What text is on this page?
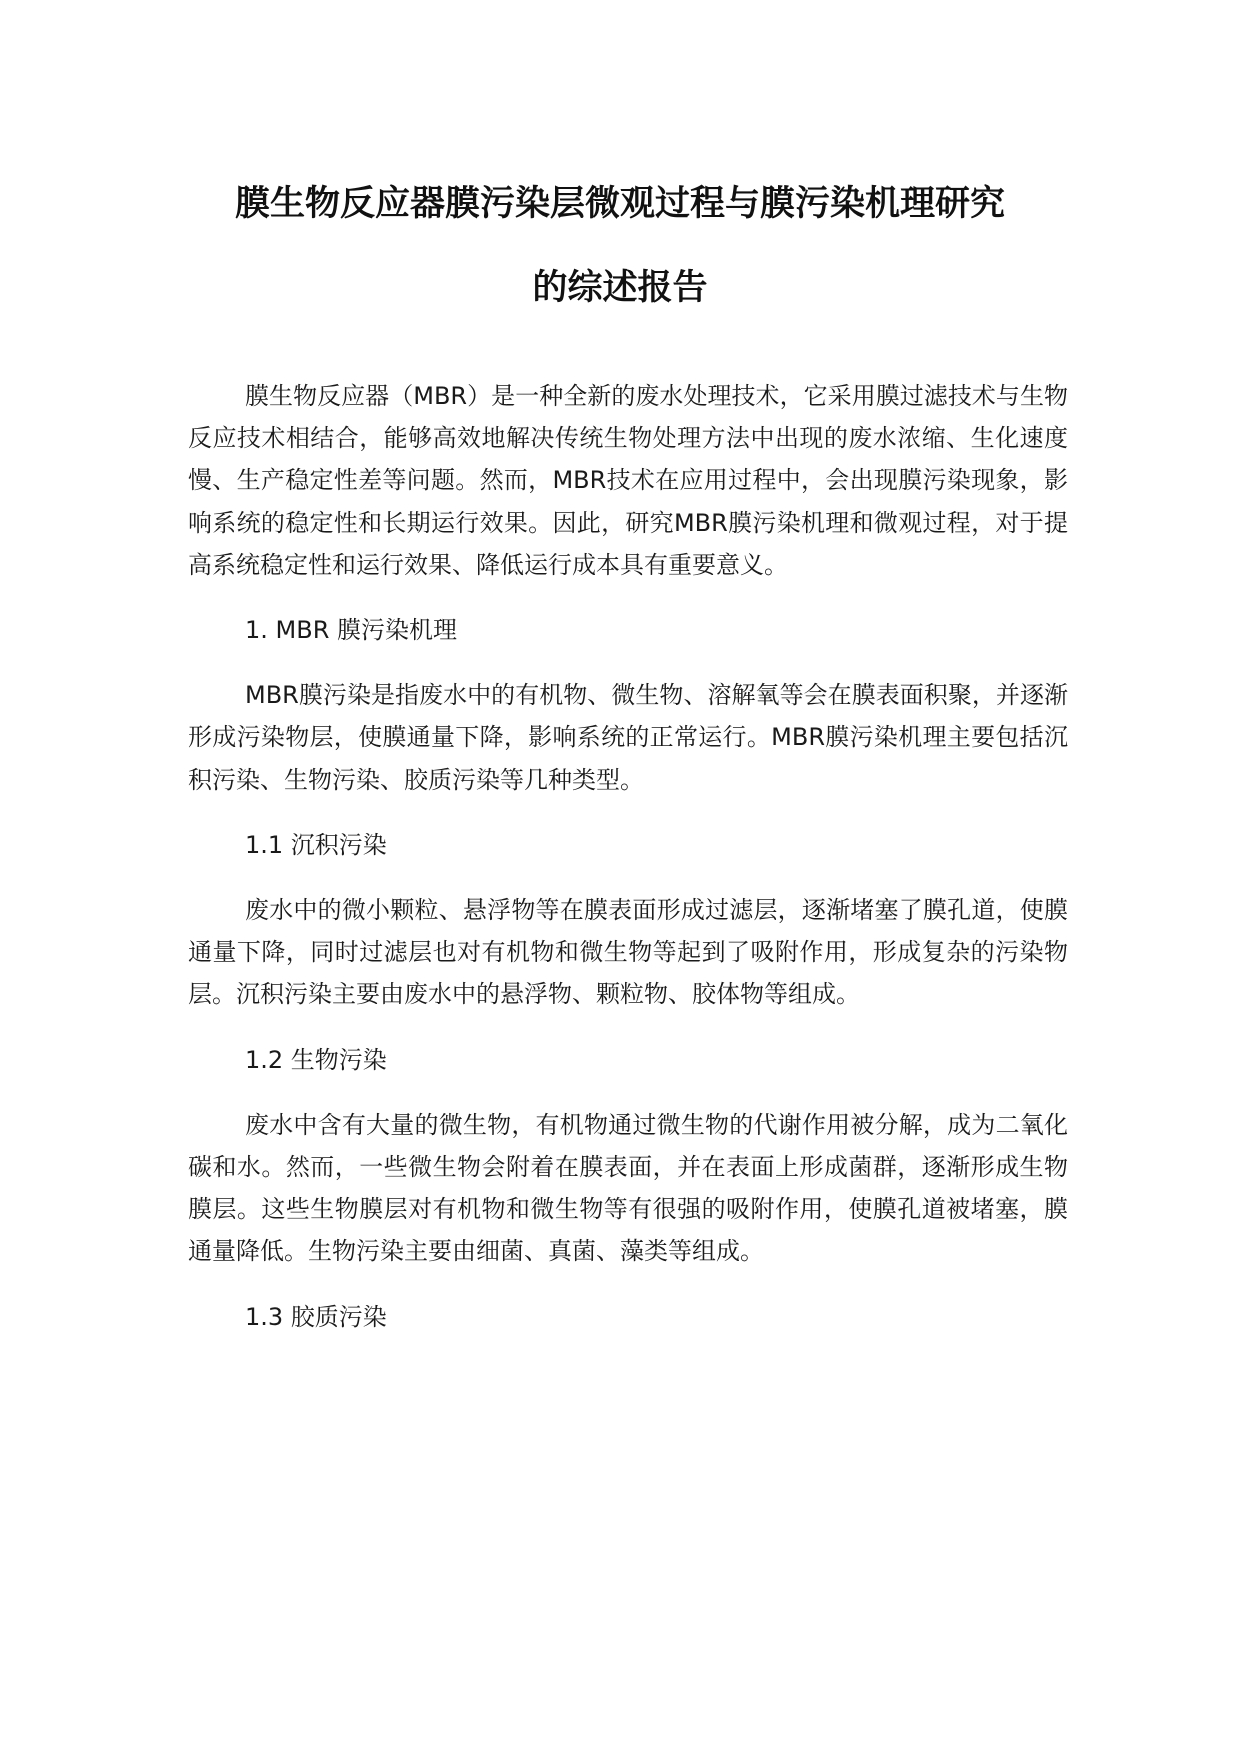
膜生物反应器膜污染层微观过程与膜污染机理研究
的综述报告

膜生物反应器（MBR）是一种全新的废水处理技术，它采用膜过滤技术与生物反应技术相结合，能够高效地解决传统生物处理方法中出现的废水浓缩、生化速度慢、生产稳定性差等问题。然而，MBR技术在应用过程中，会出现膜污染现象，影响系统的稳定性和长期运行效果。因此，研究MBR膜污染机理和微观过程，对于提高系统稳定性和运行效果、降低运行成本具有重要意义。

1. MBR 膜污染机理

MBR膜污染是指废水中的有机物、微生物、溶解氧等会在膜表面积聚，并逐渐形成污染物层，使膜通量下降，影响系统的正常运行。MBR膜污染机理主要包括沉积污染、生物污染、胶质污染等几种类型。

1.1 沉积污染

废水中的微小颗粒、悬浮物等在膜表面形成过滤层，逐渐堵塞了膜孔道，使膜通量下降，同时过滤层也对有机物和微生物等起到了吸附作用，形成复杂的污染物层。沉积污染主要由废水中的悬浮物、颗粒物、胶体物等组成。

1.2 生物污染

废水中含有大量的微生物，有机物通过微生物的代谢作用被分解，成为二氧化碳和水。然而，一些微生物会附着在膜表面，并在表面上形成菌群，逐渐形成生物膜层。这些生物膜层对有机物和微生物等有很强的吸附作用，使膜孔道被堵塞，膜通量降低。生物污染主要由细菌、真菌、藻类等组成。

1.3 胶质污染
